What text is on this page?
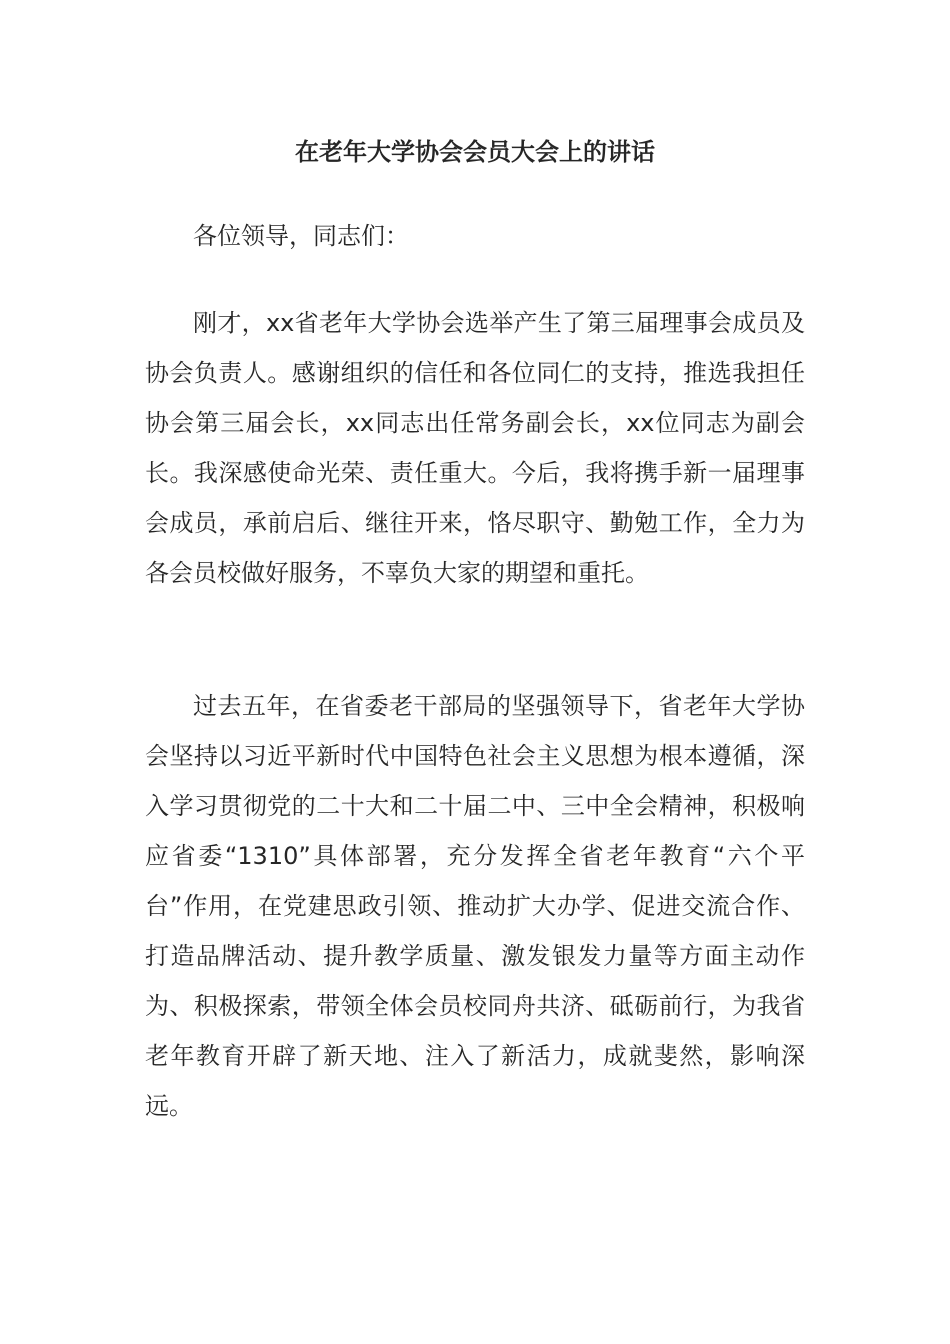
在老年大学协会会员大会上的讲话

各位领导，同志们：

刚才，xx省老年大学协会选举产生了第三届理事会成员及协会负责人。感谢组织的信任和各位同仁的支持，推选我担任协会第三届会长，xx同志出任常务副会长，xx位同志为副会长。我深感使命光荣、责任重大。今后，我将携手新一届理事会成员，承前启后、继往开来，恪尽职守、勤勉工作，全力为各会员校做好服务，不辜负大家的期望和重托。

过去五年，在省委老干部局的坚强领导下，省老年大学协会坚持以习近平新时代中国特色社会主义思想为根本遵循，深入学习贯彻党的二十大和二十届二中、三中全会精神，积极响应省委“1310”具体部署，充分发挥全省老年教育“六个平台”作用，在党建思政引领、推动扩大办学、促进交流合作、打造品牌活动、提升教学质量、激发银发力量等方面主动作为、积极探索，带领全体会员校同舟共济、砥砺前行，为我省老年教育开辟了新天地、注入了新活力，成就斐然，影响深远。
